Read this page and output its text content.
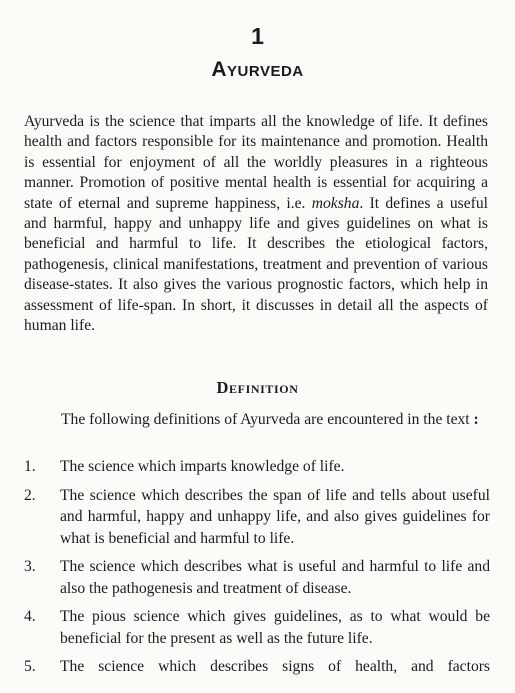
1
Ayurveda

Ayurveda is the science that imparts all the knowledge of life. It defines health and factors responsible for its maintenance and promotion. Health is essential for enjoyment of all the worldly pleasures in a righteous manner. Promotion of positive mental health is essential for acquiring a state of eternal and supreme happiness, i.e. moksha. It defines a useful and harmful, happy and unhappy life and gives guidelines on what is beneficial and harmful to life. It describes the etiological factors, pathogenesis, clinical manifestations, treatment and prevention of various disease-states. It also gives the various prognostic factors, which help in assessment of life-span. In short, it discusses in detail all the aspects of human life.

Definition

The following definitions of Ayurveda are encountered in the text :

1.	The science which imparts knowledge of life.
2.	The science which describes the span of life and tells about useful and harmful, happy and unhappy life, and also gives guidelines for what is beneficial and harmful to life.
3.	The science which describes what is useful and harmful to life and also the pathogenesis and treatment of disease.
4.	The pious science which gives guidelines, as to what would be beneficial for the present as well as the future life.
5.	The science which describes signs of health, and factors
